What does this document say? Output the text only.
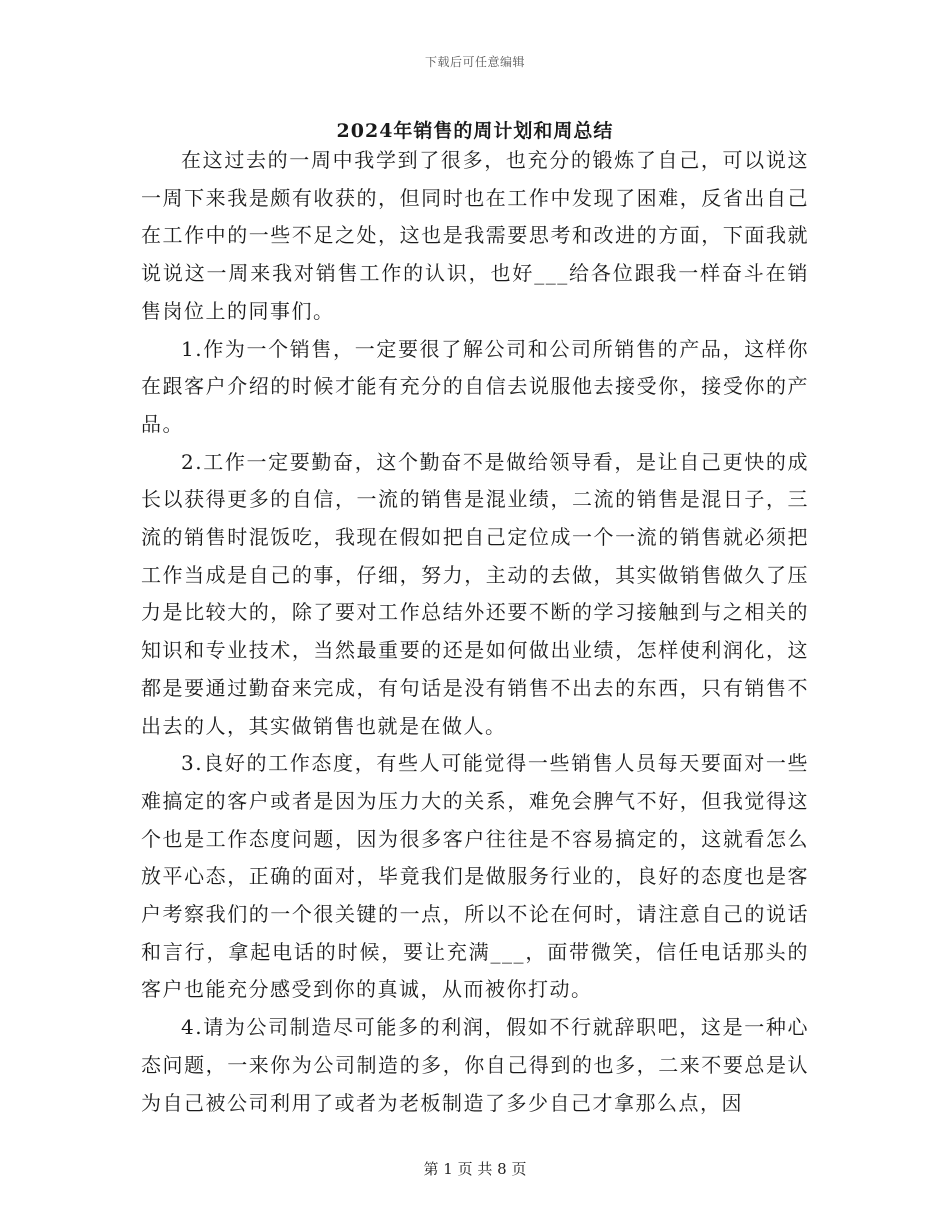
下载后可任意编辑
2024年销售的周计划和周总结

在这过去的一周中我学到了很多，也充分的锻炼了自己，可以说这一周下来我是颇有收获的，但同时也在工作中发现了困难，反省出自己在工作中的一些不足之处，这也是我需要思考和改进的方面，下面我就说说这一周来我对销售工作的认识，也好___给各位跟我一样奋斗在销售岗位上的同事们。

1.作为一个销售，一定要很了解公司和公司所销售的产品，这样你在跟客户介绍的时候才能有充分的自信去说服他去接受你，接受你的产品。

2.工作一定要勤奋，这个勤奋不是做给领导看，是让自己更快的成长以获得更多的自信，一流的销售是混业绩，二流的销售是混日子，三流的销售时混饭吃，我现在假如把自己定位成一个一流的销售就必须把工作当成是自己的事，仔细，努力，主动的去做，其实做销售做久了压力是比较大的，除了要对工作总结外还要不断的学习接触到与之相关的知识和专业技术，当然最重要的还是如何做出业绩，怎样使利润化，这都是要通过勤奋来完成，有句话是没有销售不出去的东西，只有销售不出去的人，其实做销售也就是在做人。

3.良好的工作态度，有些人可能觉得一些销售人员每天要面对一些难搞定的客户或者是因为压力大的关系，难免会脾气不好，但我觉得这个也是工作态度问题，因为很多客户往往是不容易搞定的，这就看怎么放平心态，正确的面对，毕竟我们是做服务行业的，良好的态度也是客户考察我们的一个很关键的一点，所以不论在何时，请注意自己的说话和言行，拿起电话的时候，要让充满___，面带微笑，信任电话那头的客户也能充分感受到你的真诚，从而被你打动。

4.请为公司制造尽可能多的利润，假如不行就辞职吧，这是一种心态问题，一来你为公司制造的多，你自己得到的也多，二来不要总是认为自己被公司利用了或者为老板制造了多少自己才拿那么点，因

第 1 页 共 8 页
